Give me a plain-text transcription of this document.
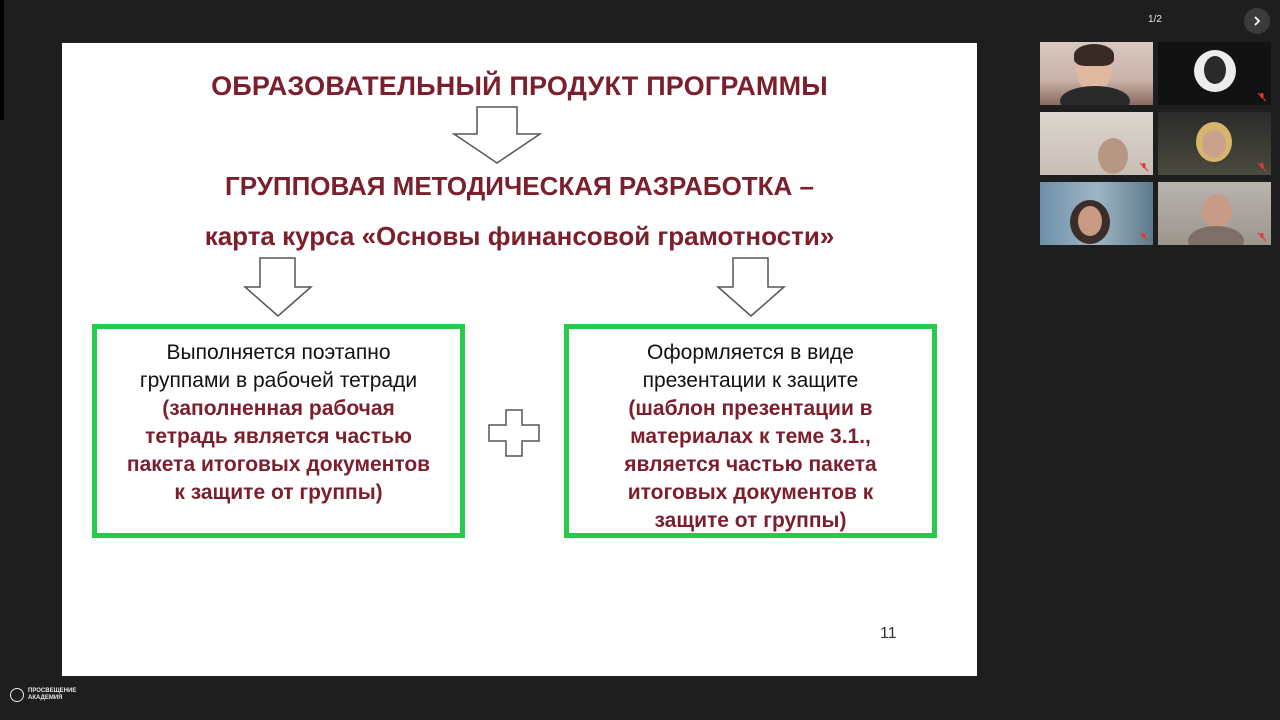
ОБРАЗОВАТЕЛЬНЫЙ ПРОДУКТ ПРОГРАММЫ
ГРУППОВАЯ МЕТОДИЧЕСКАЯ РАЗРАБОТКА –
карта курса «Основы финансовой грамотности»
Выполняется поэтапно
группами в рабочей тетради
(заполненная рабочая
тетрадь является частью
пакета итоговых документов
к защите от группы)
Оформляется в виде
презентации к защите
(шаблон презентации в
материалах к теме 3.1.,
является частью пакета
итоговых документов к
защите от группы)
11
1/2
ПРОСВЕЩЕНИЕ
АКАДЕМИЯ
